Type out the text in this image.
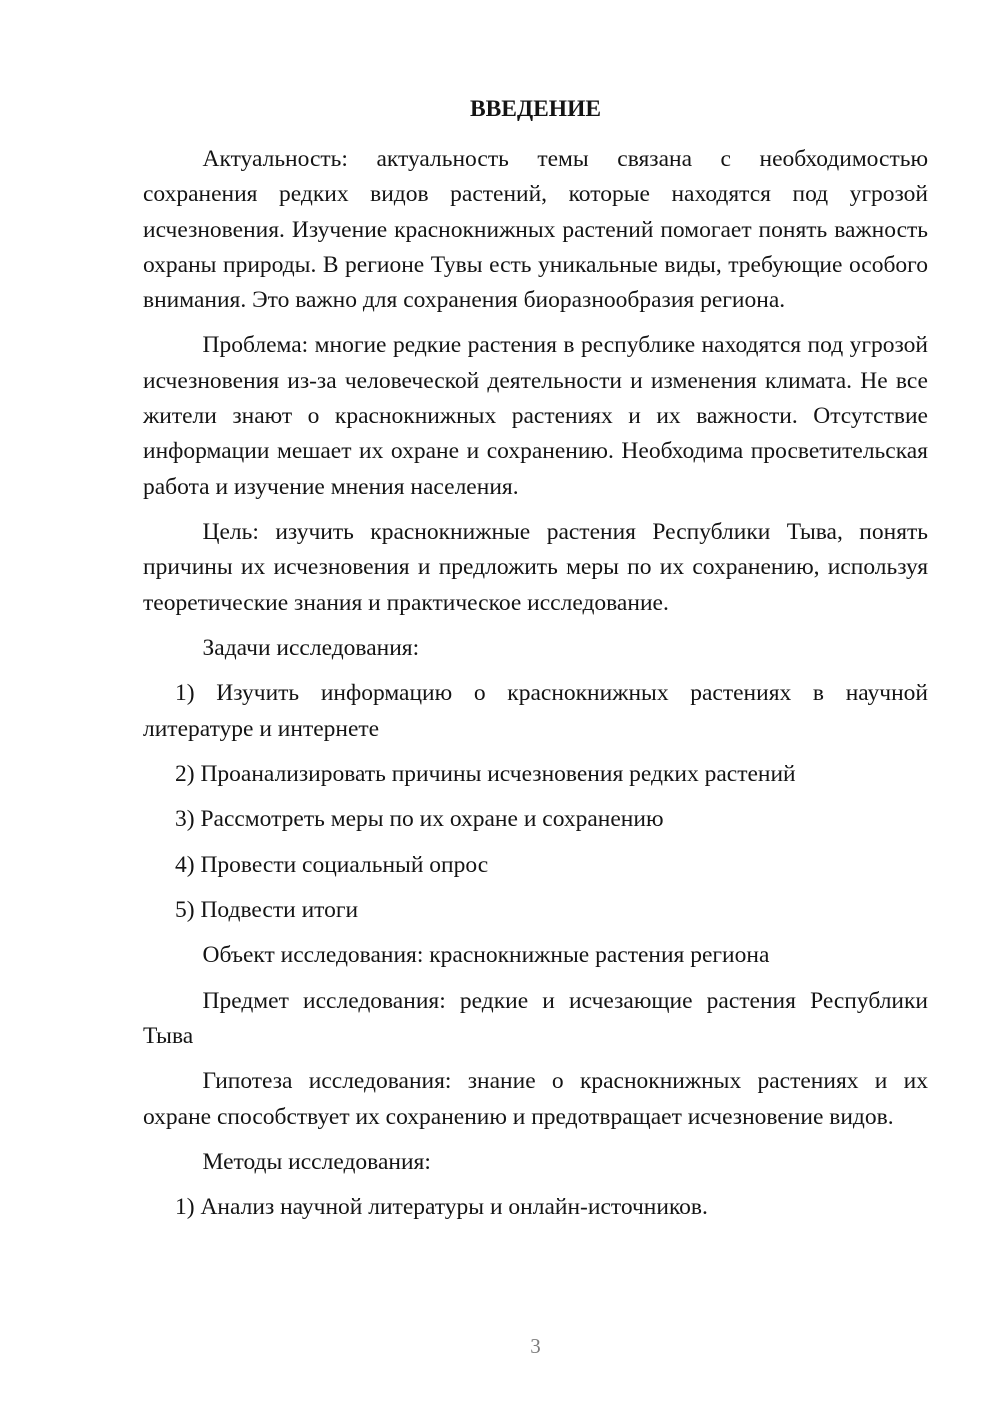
ВВЕДЕНИЕ

Актуальность: актуальность темы связана с необходимостью сохранения редких видов растений, которые находятся под угрозой исчезновения. Изучение краснокнижных растений помогает понять важность охраны природы. В регионе Тувы есть уникальные виды, требующие особого внимания. Это важно для сохранения биоразнообразия региона.

Проблема: многие редкие растения в республике находятся под угрозой исчезновения из-за человеческой деятельности и изменения климата. Не все жители знают о краснокнижных растениях и их важности. Отсутствие информации мешает их охране и сохранению. Необходима просветительская работа и изучение мнения населения.

Цель: изучить краснокнижные растения Республики Тыва, понять причины их исчезновения и предложить меры по их сохранению, используя теоретические знания и практическое исследование.

Задачи исследования:

1) Изучить информацию о краснокнижных растениях в научной литературе и интернете

2) Проанализировать причины исчезновения редких растений

3) Рассмотреть меры по их охране и сохранению

4) Провести социальный опрос

5) Подвести итоги

Объект исследования: краснокнижные растения региона

Предмет исследования: редкие и исчезающие растения Республики Тыва

Гипотеза исследования: знание о краснокнижных растениях и их охране способствует их сохранению и предотвращает исчезновение видов.

Методы исследования:

1) Анализ научной литературы и онлайн-источников.

3
